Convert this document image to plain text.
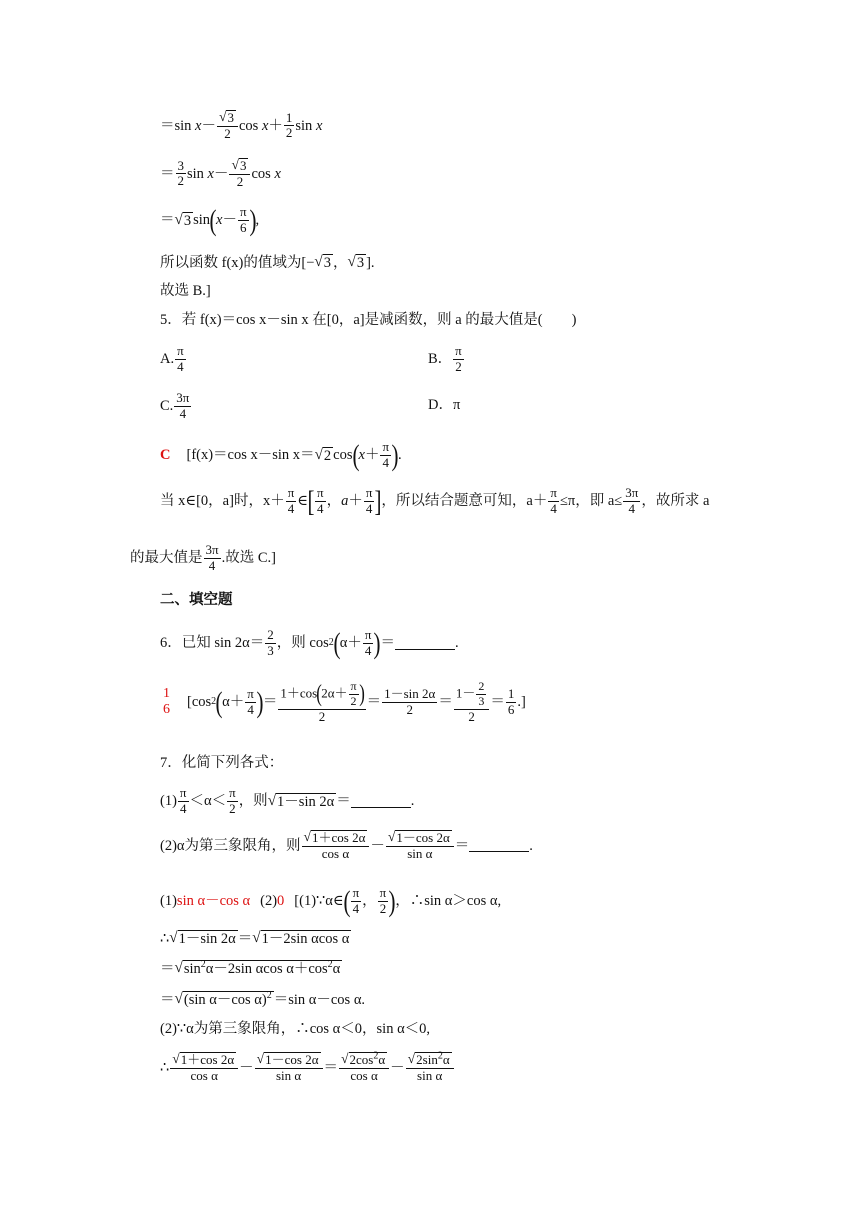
＝sin $x- \frac{√ 3}{2}$ $\cos x+ \frac{1}{2}$ sin x
＝ $\frac{3}{2}$ $\sin x- \frac{√ 3}{2}$ cos x
＝ √ 3 sin ( $x - \frac{\pi}{6}$ ) ,
所以函数 f(x)的值域为[− √ 3 ， √ 3 ].
故选 B.]
5．若 f(x)＝cos x－sin x 在[0，a]是减函数，则 a 的最大值是(　　)
A. $\frac{\pi}{4}$	B． $\frac{\pi}{2}$
C. $\frac{3\pi}{4}$	D．π
C [f(x)＝cos x－sin x＝ √ 2 cos ( $x + \frac{\pi}{4}$ ) .
当 x∈[0，a]时，$x+ \frac{\pi}{4}$ ∈ [ $\frac{\pi}{4}$ ，$a+ \frac{\pi}{4}$ ] ，所以结合题意可知，$a+ \frac{\pi}{4} \le\pi$，即 $a\le \frac{3\pi}{4}$ ，故所求 a
的最大值是 $\frac{3\pi}{4}$ .故选 C.]
二、填空题
6．已知 $\sin 2\alpha= \frac{2}{3}$ ，则 cos 2 ( $\alpha+ \frac{\pi}{4}$ ) ＝	.
1
6 [cos 2 ( $\alpha+ \frac{\pi}{4}$ ) ＝ $\frac{1+\cos(2\alpha+ \frac{\pi}{2} )}{2} = \frac{1-\sin 2\alpha}{2} = \frac{1- \frac{2}{3}}{2} = \frac{1}{6}$ .]
7．化简下列各式：
$(1) \frac{\pi}{4} <\alpha< \frac{\pi}{2}$ ，则 √ 1－sin 2α ＝	.
(2)α为第三象限角，则 $\frac{√ 1+\cos 2\alpha}{\text{cos α}} - \frac{√ 1-\cos 2\alpha}{\text{sin α}}$ ＝	.
(1) sin α－cos α (2) 0 [(1)∵α∈ ( $\frac{\pi}{4}$ ， $\frac{\pi}{2}$ ) ，∴sin α＞cos α,
∴ √ 1－sin 2α ＝ √ 1－2sin αcos α
＝ √ $\sin^2\alpha-2\sin$ αcos $\alpha+\cos^2\alpha$
＝ √ (sin α－cos α)$^2$ ＝sin α－cos α.
(2)∵α为第三象限角，∴cos α＜0，sin α＜0,
∴ $\frac{√ 1+\cos 2\alpha}{\text{cos α}} - \frac{√ 1-\cos 2\alpha}{\text{sin α}} = \frac{√ 2\cos^2\alpha}{\text{cos α}} - \frac{√ 2\sin^2\alpha}{\text{sin α}}$
